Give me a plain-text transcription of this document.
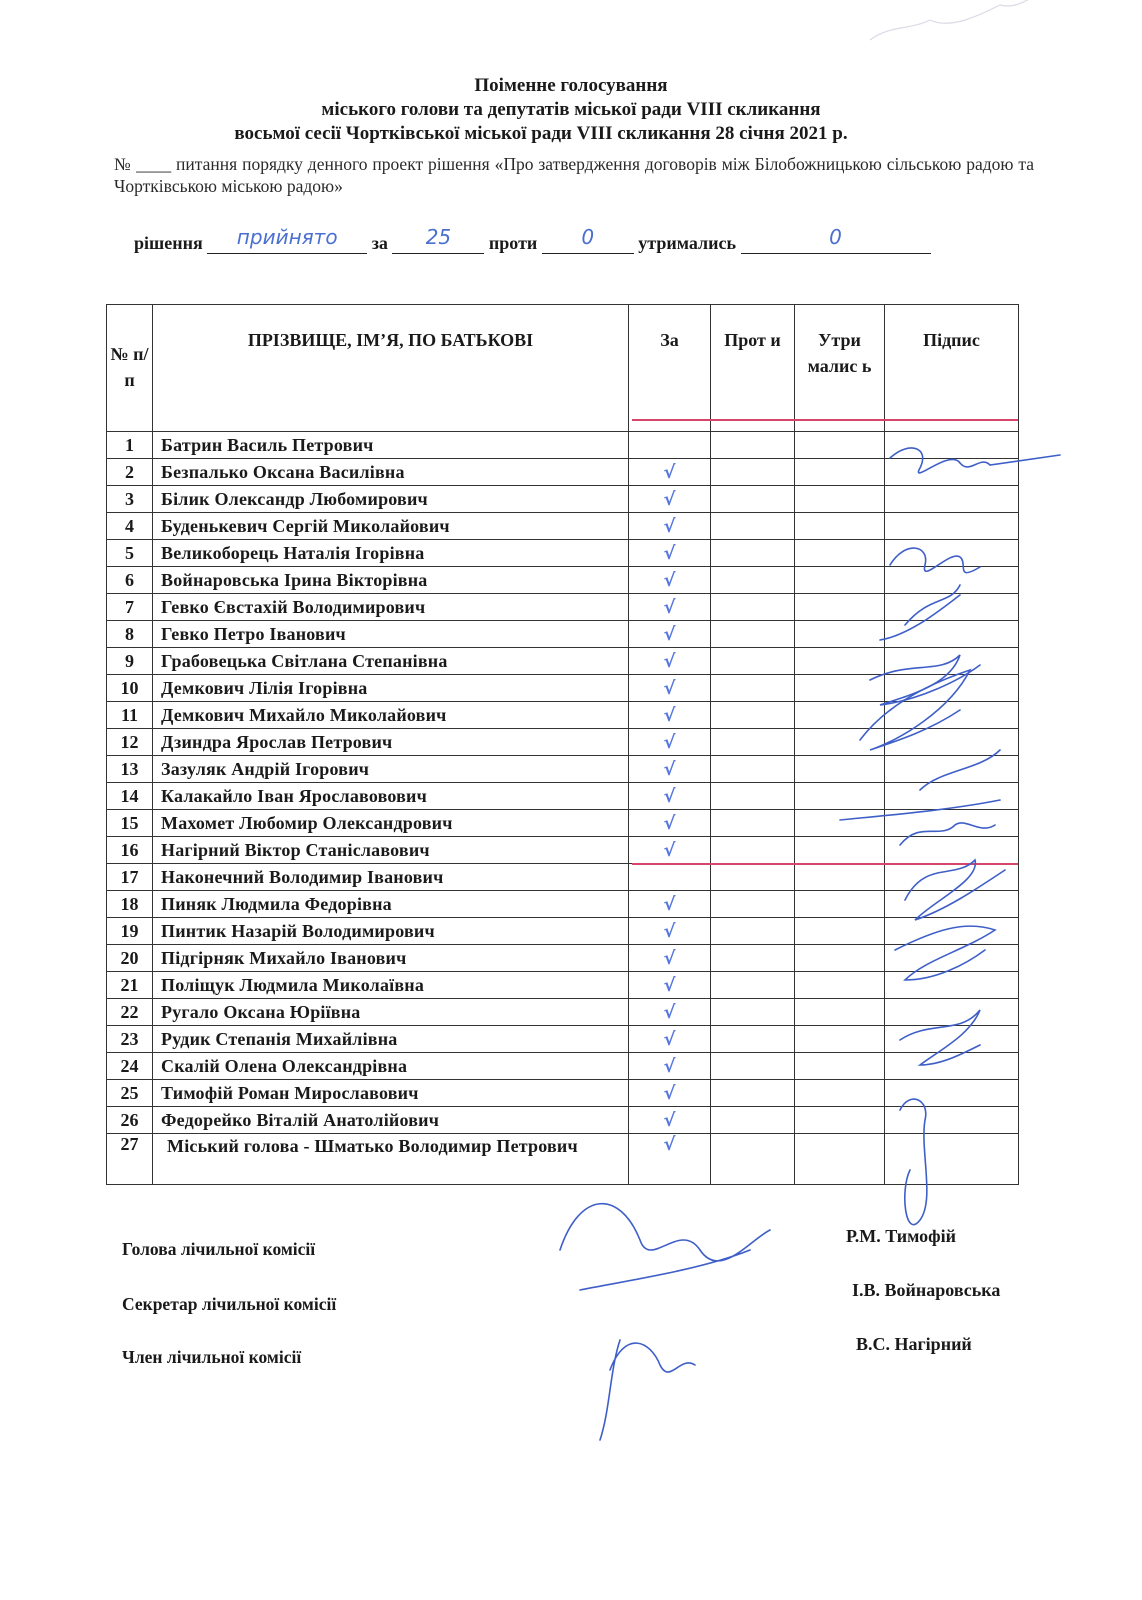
Поіменне голосування
міського голови та депутатів міської ради VIII скликання
восьмої сесії Чортківської міської ради VIII скликання 28 січня 2021 р.
№ ____ питання порядку денного проект рішення «Про затвердження договорів між Білобожницькою сільською радою та Чортківською міською радою»
рішення	прийнято	за	25	проти	0	утримались	0
№ п/п	ПРІЗВИЩЕ, ІМ’Я, ПО БАТЬКОВІ	За	Прот и	Утри малис ь	Підпис
1	Батрин Василь Петрович				
2	Безпалько Оксана Василівна	√			
3	Білик Олександр Любомирович	√			
4	Буденькевич Сергій Миколайович	√			
5	Великоборець Наталія Ігорівна	√			
6	Войнаровська Ірина Вікторівна	√			
7	Гевко Євстахій Володимирович	√			
8	Гевко Петро Іванович	√			
9	Грабовецька Світлана Степанівна	√			
10	Демкович Лілія Ігорівна	√			
11	Демкович Михайло Миколайович	√			
12	Дзиндра Ярослав Петрович	√			
13	Зазуляк Андрій Ігорович	√			
14	Калакайло Іван Ярославовович	√			
15	Махомет Любомир Олександрович	√			
16	Нагірний Віктор Станіславович	√			
17	Наконечний Володимир Іванович				
18	Пиняк Людмила Федорівна	√			
19	Пинтик Назарій Володимирович	√			
20	Підгірняк Михайло Іванович	√			
21	Поліщук Людмила Миколаївна	√			
22	Ругало Оксана Юріївна	√			
23	Рудик Степанія Михайлівна	√			
24	Скалій Олена Олександрівна	√			
25	Тимофій Роман Мирославович	√			
26	Федорейко Віталій Анатолійович	√			
27	Міський голова - Шматько Володимир Петрович	√			
Голова лічильної комісії
Секретар лічильної комісії
Член лічильної комісії
Р.М. Тимофій
І.В. Войнаровська
В.С. Нагірний
